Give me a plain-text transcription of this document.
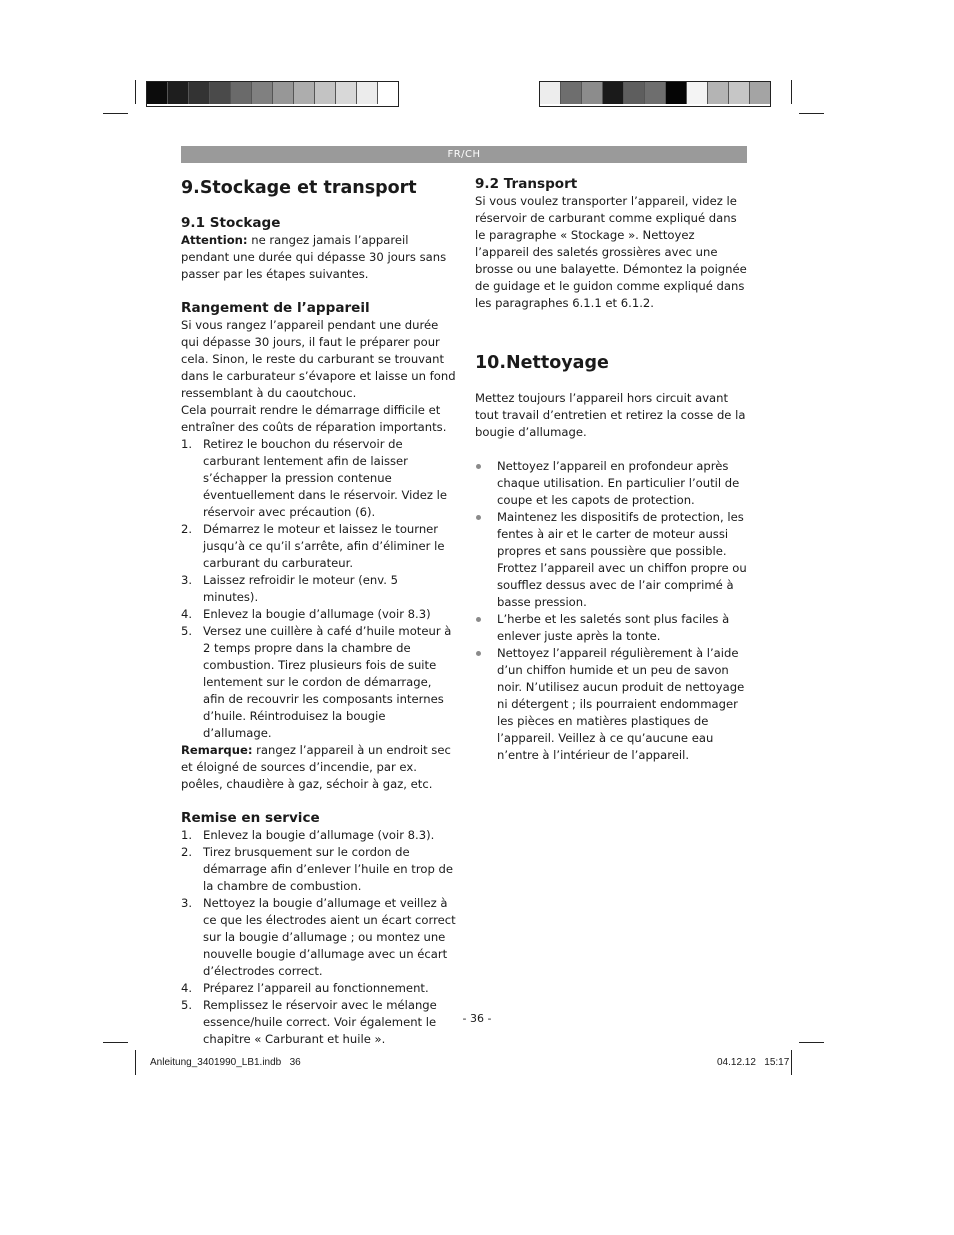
FR/CH
9.Stockage et transport
9.1 Stockage

Attention: ne rangez jamais l’appareil pendant une durée qui dépasse 30 jours sans passer par les étapes suivantes.

Rangement de l’appareil

Si vous rangez l’appareil pendant une durée qui dépasse 30 jours, il faut le préparer pour cela. Sinon, le reste du carburant se trouvant dans le carburateur s’évapore et laisse un fond ressemblant à du caoutchouc.

Cela pourrait rendre le démarrage difficile et entraîner des coûts de réparation importants.

1. Retirez le bouchon du réservoir de carburant lentement afin de laisser s’échapper la pression contenue éventuellement dans le réservoir. Videz le réservoir avec précaution (6).
2. Démarrez le moteur et laissez le tourner jusqu’à ce qu’il s’arrête, afin d’éliminer le carburant du carburateur.
3. Laissez refroidir le moteur (env. 5 minutes).
4. Enlevez la bougie d’allumage (voir 8.3)
5. Versez une cuillère à café d’huile moteur à 2 temps propre dans la chambre de combustion. Tirez plusieurs fois de suite lentement sur le cordon de démarrage, afin de recouvrir les composants internes d’huile. Réintroduisez la bougie d’allumage.

Remarque: rangez l’appareil à un endroit sec et éloigné de sources d’incendie, par ex. poêles, chaudière à gaz, séchoir à gaz, etc.

Remise en service
1. Enlevez la bougie d’allumage (voir 8.3).
2. Tirez brusquement sur le cordon de démarrage afin d’enlever l’huile en trop de la chambre de combustion.
3. Nettoyez la bougie d’allumage et veillez à ce que les électrodes aient un écart correct sur la bougie d’allumage ; ou montez une nouvelle bougie d’allumage avec un écart d’électrodes correct.
4. Préparez l’appareil au fonctionnement.
5. Remplissez le réservoir avec le mélange essence/huile correct. Voir également le chapitre « Carburant et huile ».
9.2 Transport

Si vous voulez transporter l’appareil, videz le réservoir de carburant comme expliqué dans le paragraphe « Stockage ». Nettoyez l’appareil des saletés grossières avec une brosse ou une balayette. Démontez la poignée de guidage et le guidon comme expliqué dans les paragraphes 6.1.1 et 6.1.2.

10.Nettoyage

Mettez toujours l’appareil hors circuit avant tout travail d’entretien et retirez la cosse de la bougie d’allumage.

Nettoyez l’appareil en profondeur après chaque utilisation. En particulier l’outil de coupe et les capots de protection.
Maintenez les dispositifs de protection, les fentes à air et le carter de moteur aussi propres et sans poussière que possible. Frottez l’appareil avec un chiffon propre ou soufflez dessus avec de l’air comprimé à basse pression.
L’herbe et les saletés sont plus faciles à enlever juste après la tonte.
Nettoyez l’appareil régulièrement à l’aide d’un chiffon humide et un peu de savon noir. N’utilisez aucun produit de nettoyage ni détergent ; ils pourraient endommager les pièces en matières plastiques de l’appareil. Veillez à ce qu’aucune eau n’entre à l’intérieur de l’appareil.
- 36 -
Anleitung_3401990_LB1.indb   36	04.12.12   15:17
